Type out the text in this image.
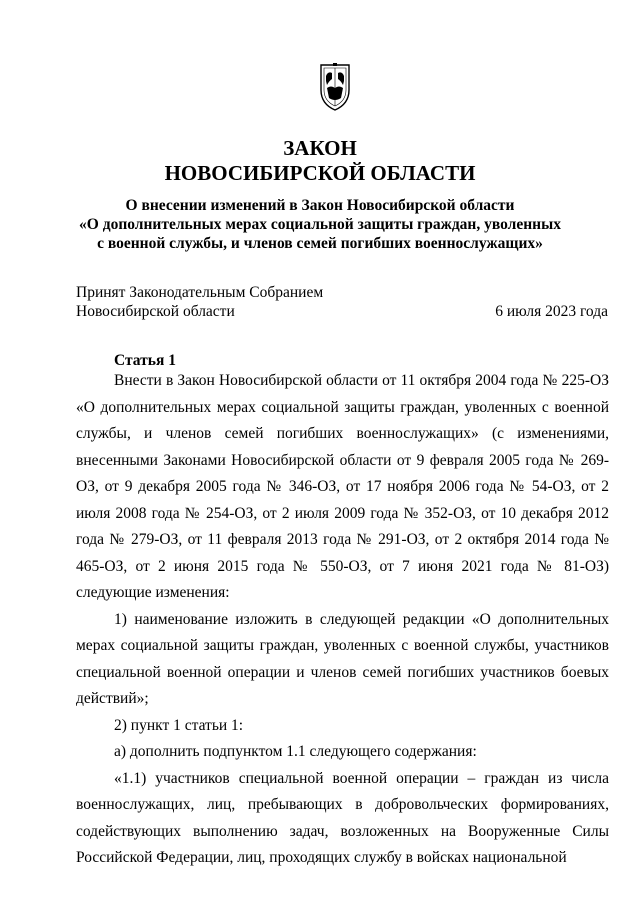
ЗАКОН
НОВОСИБИРСКОЙ ОБЛАСТИ
О внесении изменений в Закон Новосибирской области
«О дополнительных мерах социальной защиты граждан, уволенных
с военной службы, и членов семей погибших военнослужащих»
Принят Законодательным Собранием
Новосибирской области	6 июля 2023 года
Статья 1

Внести в Закон Новосибирской области от 11 октября 2004 года № 225-ОЗ «О дополнительных мерах социальной защиты граждан, уволенных с военной службы, и членов семей погибших военнослужащих» (с изменениями, внесенными Законами Новосибирской области от 9 февраля 2005 года № 269-ОЗ, от 9 декабря 2005 года № 346-ОЗ, от 17 ноября 2006 года № 54-ОЗ, от 2 июля 2008 года № 254-ОЗ, от 2 июля 2009 года № 352-ОЗ, от 10 декабря 2012 года № 279-ОЗ, от 11 февраля 2013 года № 291-ОЗ, от 2 октября 2014 года № 465-ОЗ, от 2 июня 2015 года № 550-ОЗ, от 7 июня 2021 года № 81-ОЗ) следующие изменения:

1) наименование изложить в следующей редакции «О дополнительных мерах социальной защиты граждан, уволенных с военной службы, участников специальной военной операции и членов семей погибших участников боевых действий»;

2) пункт 1 статьи 1:

а) дополнить подпунктом 1.1 следующего содержания:

«1.1) участников специальной военной операции – граждан из числа военнослужащих, лиц, пребывающих в добровольческих формированиях, содействующих выполнению задач, возложенных на Вооруженные Силы Российской Федерации, лиц, проходящих службу в войсках национальной
